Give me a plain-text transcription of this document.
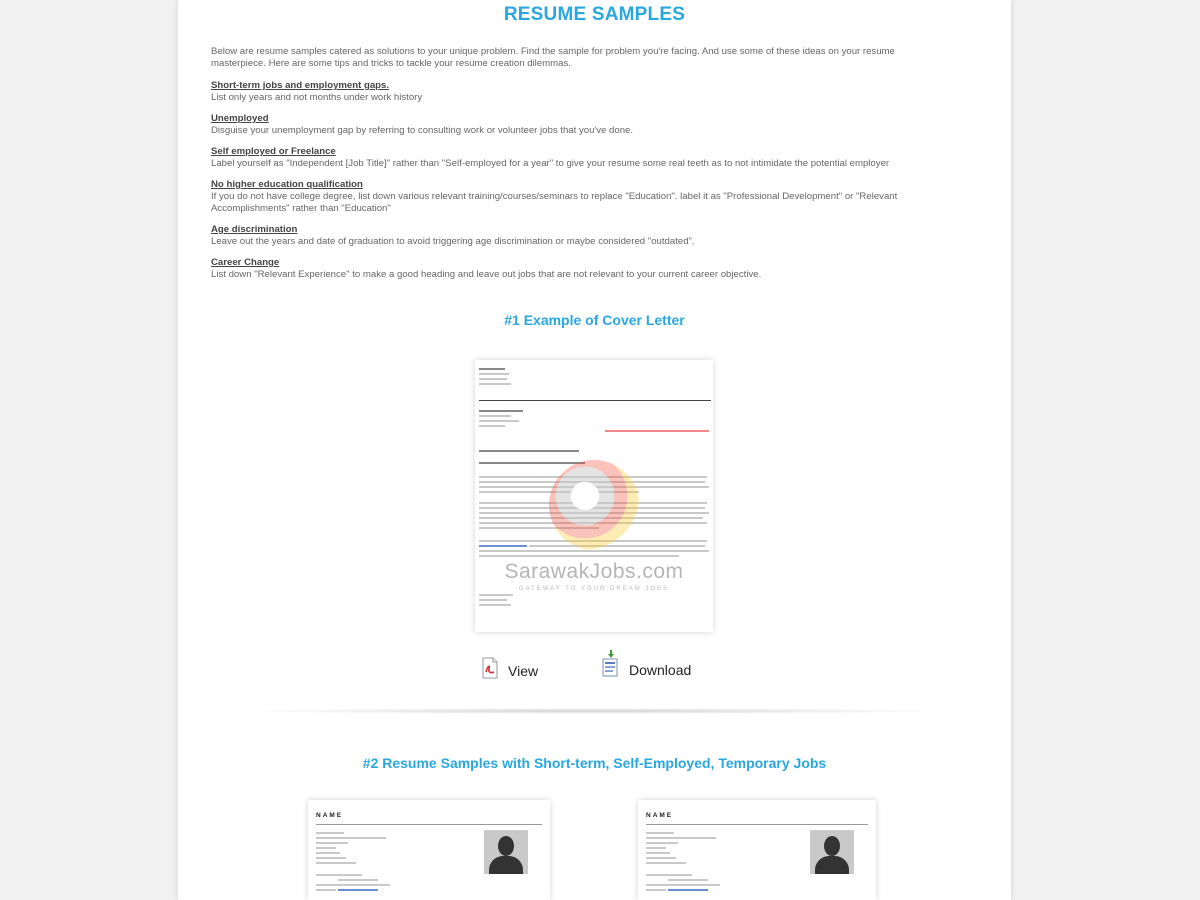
RESUME SAMPLES

Below are resume samples catered as solutions to your unique problem. Find the sample for problem you're facing. And use some of these ideas on your resume masterpiece. Here are some tips and tricks to tackle your resume creation dilemmas.

Short-term jobs and employment gaps.
List only years and not months under work history
Unemployed
Disguise your unemployment gap by referring to consulting work or volunteer jobs that you've done.
Self employed or Freelance
Label yourself as "Independent [Job Title]" rather than "Self-employed for a year" to give your resume some real teeth as to not intimidate the potential employer
No higher education qualification
If you do not have college degree, list down various relevant training/courses/seminars to replace "Education". label it as "Professional Development" or "Relevant Accomplishments" rather than "Education"
Age discrimination
Leave out the years and date of graduation to avoid triggering age discrimination or maybe considered "outdated".
Career Change
List down "Relevant Experience" to make a good heading and leave out jobs that are not relevant to your current career objective.
#1 Example of Cover Letter
SarawakJobs.com
GATEWAY TO YOUR DREAM JOBS
View	Download
#2 Resume Samples with Short-term, Self-Employed, Temporary Jobs
NAME	NAME
